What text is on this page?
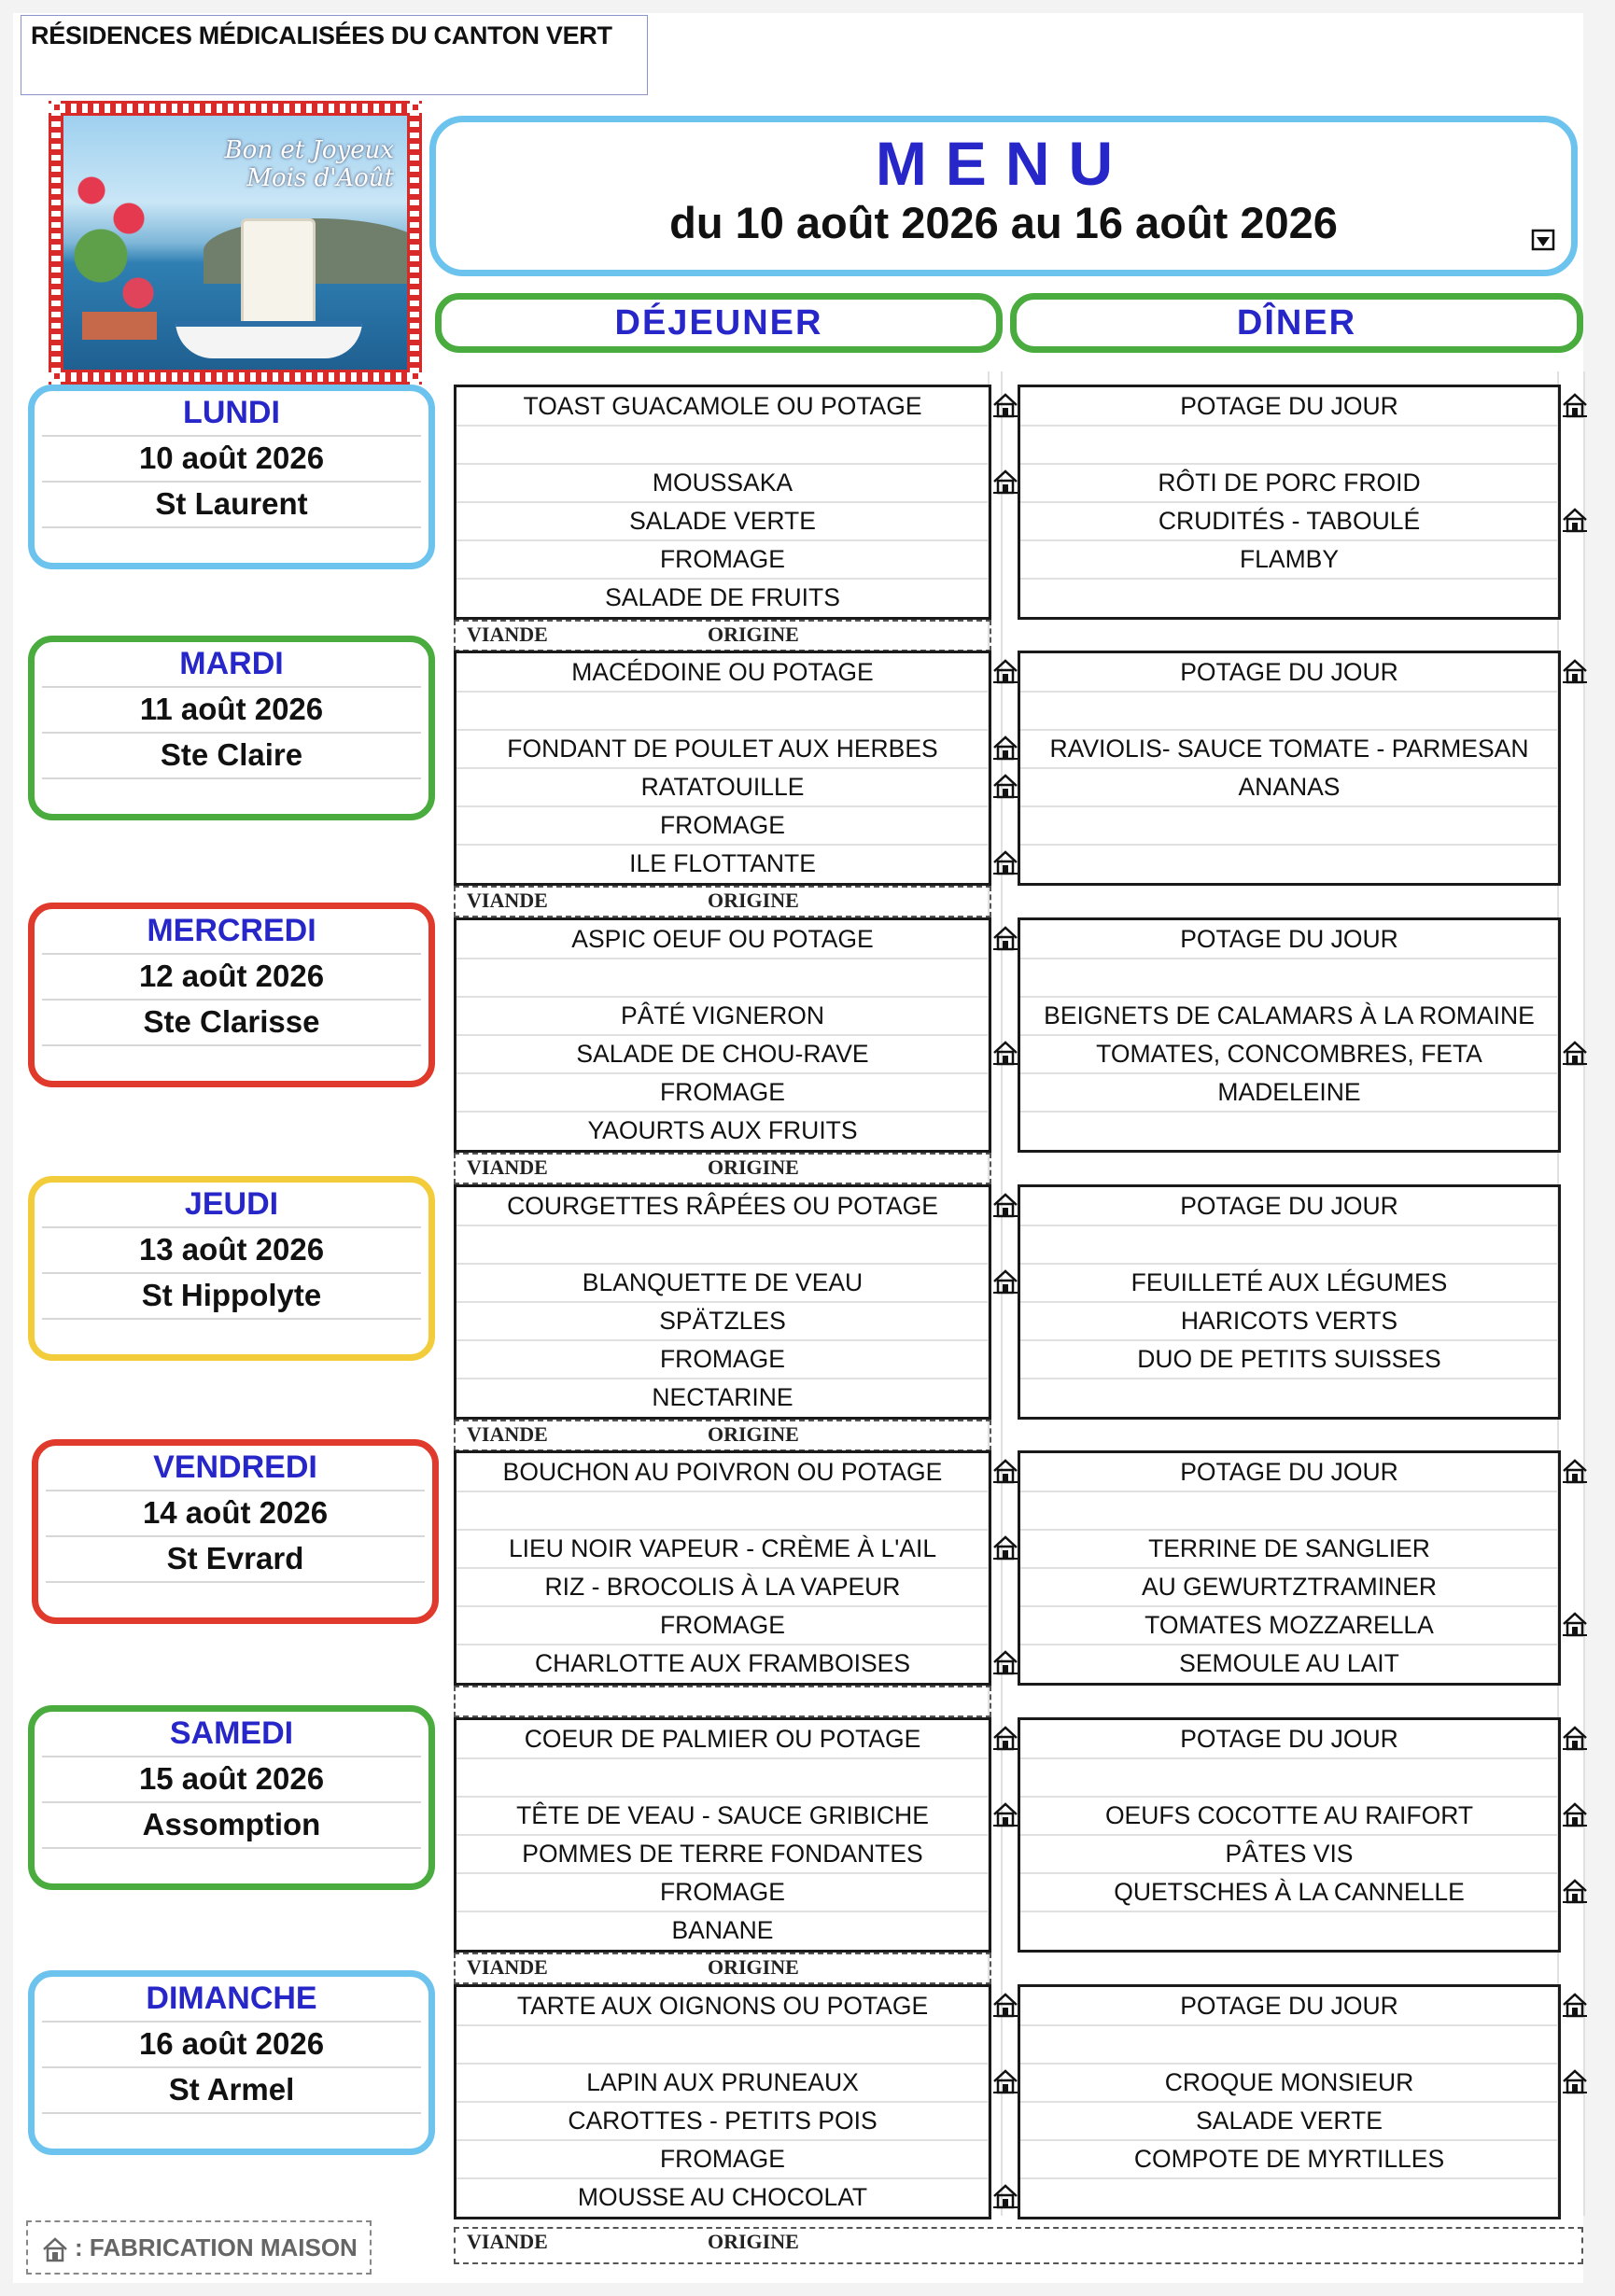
RÉSIDENCES MÉDICALISÉES DU CANTON VERT
Bon et Joyeux
Mois d'Août	MENU
du 10 août 2026 au 16 août 2026
DÉJEUNER	DÎNER
: FABRICATION MAISON
LUNDI
10 août 2026
St Laurent
TOAST GUACAMOLE OU POTAGE	POTAGE DU JOUR
MOUSSAKA	RÔTI DE PORC FROID
SALADE VERTE	CRUDITÉS - TABOULÉ
FROMAGE	FLAMBY
SALADE DE FRUITS
VIANDE	ORIGINE
MARDI
11 août 2026
Ste Claire
MACÉDOINE OU POTAGE	POTAGE DU JOUR
FONDANT DE POULET AUX HERBES	RAVIOLIS- SAUCE TOMATE - PARMESAN
RATATOUILLE	ANANAS
FROMAGE
ILE FLOTTANTE
VIANDE	ORIGINE
MERCREDI
12 août 2026
Ste Clarisse
ASPIC OEUF OU POTAGE	POTAGE DU JOUR
PÂTÉ VIGNERON	BEIGNETS DE CALAMARS À LA ROMAINE
SALADE DE CHOU-RAVE	TOMATES, CONCOMBRES, FETA
FROMAGE	MADELEINE
YAOURTS AUX FRUITS
VIANDE	ORIGINE
JEUDI
13 août 2026
St Hippolyte
COURGETTES RÂPÉES OU POTAGE	POTAGE DU JOUR
BLANQUETTE DE VEAU	FEUILLETÉ AUX LÉGUMES
SPÄTZLES	HARICOTS VERTS
FROMAGE	DUO DE PETITS SUISSES
NECTARINE
VIANDE	ORIGINE
VENDREDI
14 août 2026
St Evrard
BOUCHON AU POIVRON OU POTAGE	POTAGE DU JOUR
LIEU NOIR VAPEUR - CRÈME À L'AIL	TERRINE DE SANGLIER
RIZ - BROCOLIS À LA VAPEUR	AU GEWURTZTRAMINER
FROMAGE	TOMATES MOZZARELLA
CHARLOTTE AUX FRAMBOISES	SEMOULE AU LAIT
SAMEDI
15 août 2026
Assomption
COEUR DE PALMIER OU POTAGE	POTAGE DU JOUR
TÊTE DE VEAU - SAUCE GRIBICHE	OEUFS COCOTTE AU RAIFORT
POMMES DE TERRE FONDANTES	PÂTES VIS
FROMAGE	QUETSCHES À LA CANNELLE
BANANE
VIANDE	ORIGINE
DIMANCHE
16 août 2026
St Armel
TARTE AUX OIGNONS OU POTAGE	POTAGE DU JOUR
LAPIN AUX PRUNEAUX	CROQUE MONSIEUR
CAROTTES - PETITS POIS	SALADE VERTE
FROMAGE	COMPOTE DE MYRTILLES
MOUSSE AU CHOCOLAT
VIANDE	ORIGINE
